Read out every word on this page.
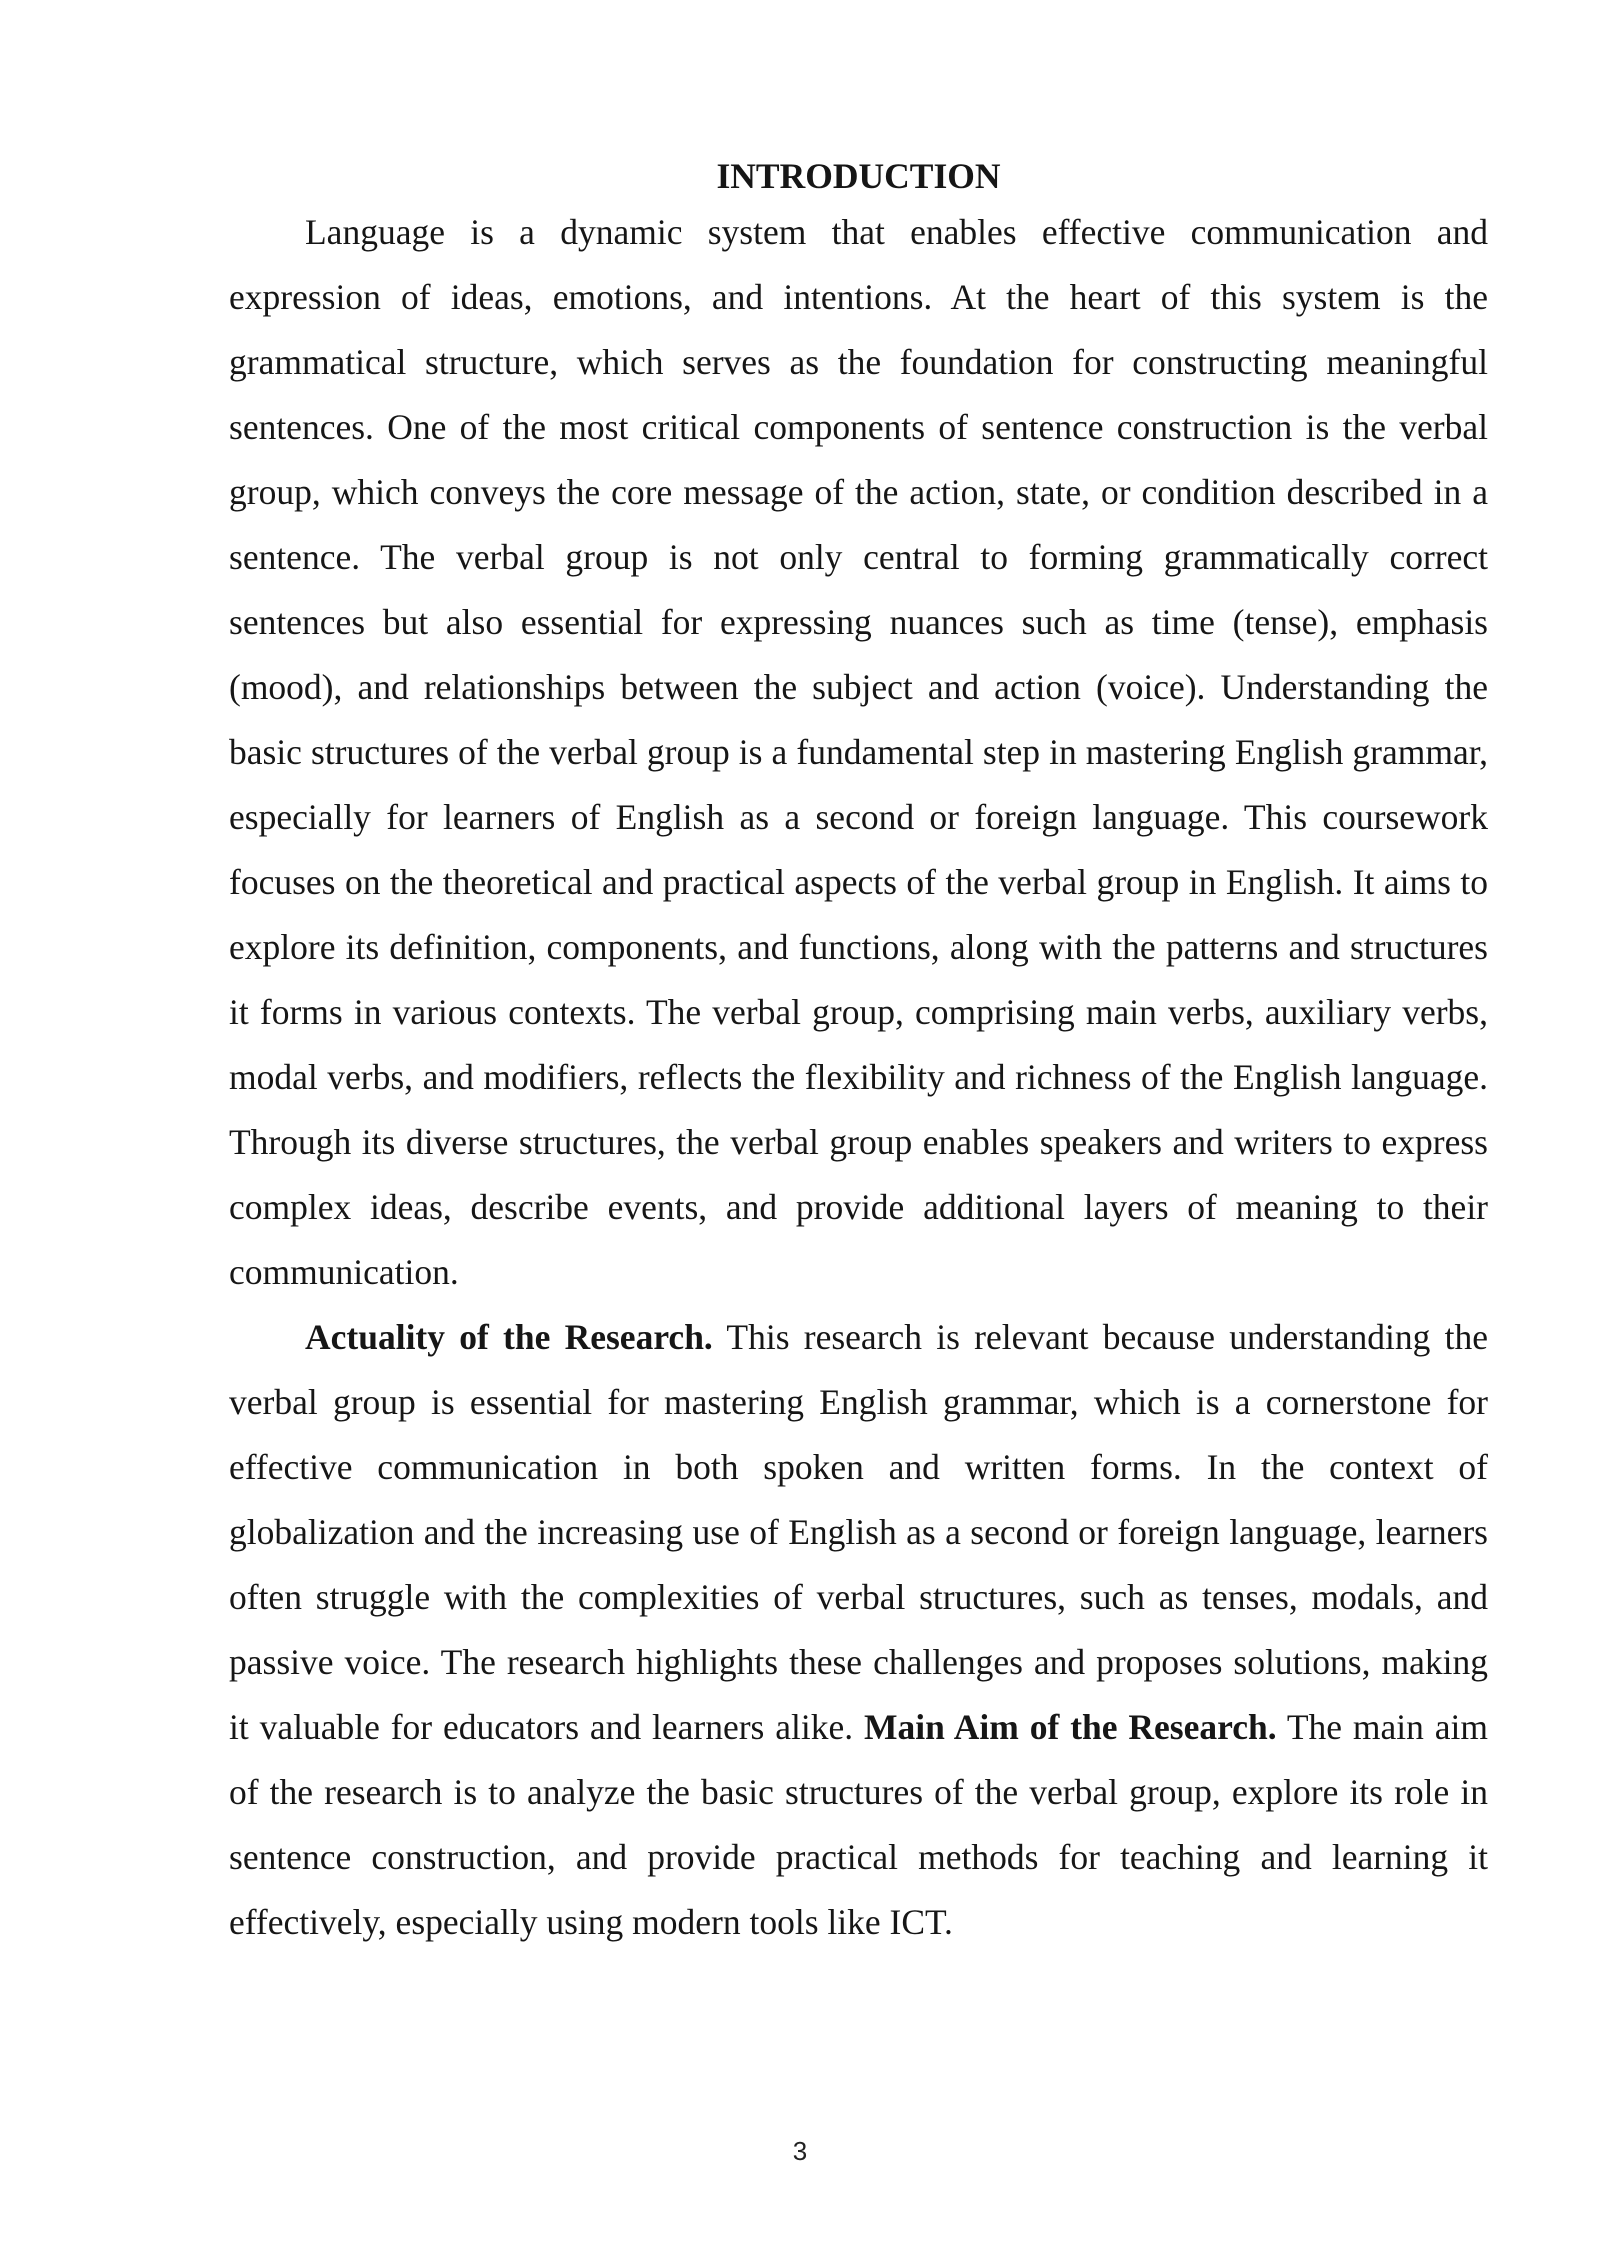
INTRODUCTION

Language is a dynamic system that enables effective communication and expression of ideas, emotions, and intentions. At the heart of this system is the grammatical structure, which serves as the foundation for constructing meaningful sentences. One of the most critical components of sentence construction is the verbal group, which conveys the core message of the action, state, or condition described in a sentence. The verbal group is not only central to forming grammatically correct sentences but also essential for expressing nuances such as time (tense), emphasis (mood), and relationships between the subject and action (voice). Understanding the basic structures of the verbal group is a fundamental step in mastering English grammar, especially for learners of English as a second or foreign language. This coursework focuses on the theoretical and practical aspects of the verbal group in English. It aims to explore its definition, components, and functions, along with the patterns and structures it forms in various contexts. The verbal group, comprising main verbs, auxiliary verbs, modal verbs, and modifiers, reflects the flexibility and richness of the English language. Through its diverse structures, the verbal group enables speakers and writers to express complex ideas, describe events, and provide additional layers of meaning to their communication.

Actuality of the Research. This research is relevant because understanding the verbal group is essential for mastering English grammar, which is a cornerstone for effective communication in both spoken and written forms. In the context of globalization and the increasing use of English as a second or foreign language, learners often struggle with the complexities of verbal structures, such as tenses, modals, and passive voice. The research highlights these challenges and proposes solutions, making it valuable for educators and learners alike. Main Aim of the Research. The main aim of the research is to analyze the basic structures of the verbal group, explore its role in sentence construction, and provide practical methods for teaching and learning it effectively, especially using modern tools like ICT.

3
